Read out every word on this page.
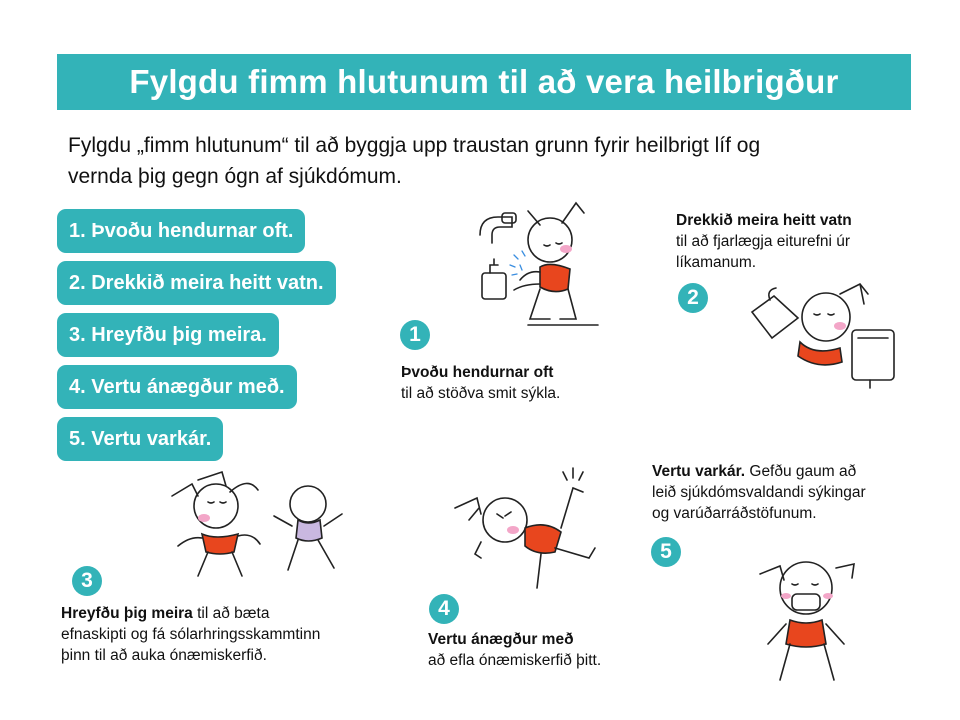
Fylgdu fimm hlutunum til að vera heilbrigður
Fylgdu „fimm hlutunum“ til að byggja upp traustan grunn fyrir heilbrigt líf og
vernda þig gegn ógn af sjúkdómum.
1. Þvoðu hendurnar oft.
2. Drekkið meira heitt vatn.
3. Hreyfðu þig meira.
4. Vertu ánægður með.
5. Vertu varkár.
1
Þvoðu hendurnar oft
til að stöðva smit sýkla.
Drekkið meira heitt vatn
til að fjarlægja eiturefni úr
líkamanum.
2
3
Hreyfðu þig meira til að bæta
efnaskipti og fá sólarhringsskammtinn
þinn til að auka ónæmiskerfið.
4
Vertu ánægður með
að efla ónæmiskerfið þitt.
Vertu varkár. Gefðu gaum að
leið sjúkdómsvaldandi sýkingar
og varúðarráðstöfunum.
5
